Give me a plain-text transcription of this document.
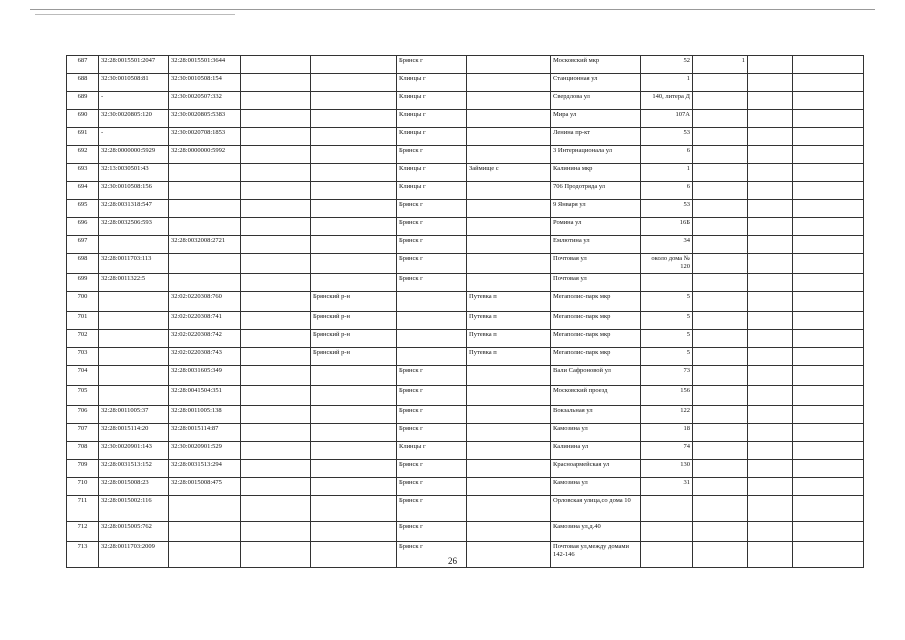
687	32:28:0015501:2047	32:28:0015501:3644			Брянск г		Московский мкр	52	1		
688	32:30:0010508:81	32:30:0010508:154			Клинцы г		Станционная ул	1			
689	-	32:30:0020507:332			Клинцы г		Свердлова ул	140, литера Д			
690	32:30:0020805:120	32:30:0020805:5383			Клинцы г		Мира ул	107А			
691	-	32:30:0020708:1853			Клинцы г		Ленина пр-кт	53			
692	32:28:0000000:5929	32:28:0000000:5992			Брянск г		3 Интернационала ул	6			
693	32:13:0030501:43				Клинцы г	Займище с	Калинина мкр	1			
694	32:30:0010508:156				Клинцы г		706 Продотряда ул	6			
695	32:28:0031318:547				Брянск г		9 Января ул	53			
696	32:28:0032506:593				Брянск г		Ромина ул	16Б			
697		32:28:0032008:2721			Брянск г		Емлютина ул	34			
698	32:28:0011703:113				Брянск г		Почтовая ул	около дома № 120			
699	32:28:0011322:5				Брянск г		Почтовая ул				
700		32:02:0220308:760		Брянский р-н		Путевка п	Мегаполис-парк мкр	5			
701		32:02:0220308:741		Брянский р-н		Путевка п	Мегаполис-парк мкр	5			
702		32:02:0220308:742		Брянский р-н		Путевка п	Мегаполис-парк мкр	5			
703		32:02:0220308:743		Брянский р-н		Путевка п	Мегаполис-парк мкр	5			
704		32:28:0031605:349			Брянск г		Вали Сафроновой ул	73			
705		32:28:0041504:351			Брянск г		Московский проезд	156			
706	32:28:0011005:37	32:28:0011005:138			Брянск г		Вокзальная ул	122			
707	32:28:0015114:20	32:28:0015114:87			Брянск г		Камозина ул	18			
708	32:30:0020901:143	32:30:0020901:529			Клинцы г		Калинина ул	74			
709	32:28:0031513:152	32:28:0031513:294			Брянск г		Красноармейская ул	130			
710	32:28:0015008:23	32:28:0015008:475			Брянск г		Камозина ул	31			
711	32:28:0015002:116				Брянск г		Орловская улица,со дома 10				
712	32:28:0015005:762				Брянск г		Камозина ул,д.40				
713	32:28:0011703:2009				Брянск г		Почтовая ул,между домами 142-146				
26
